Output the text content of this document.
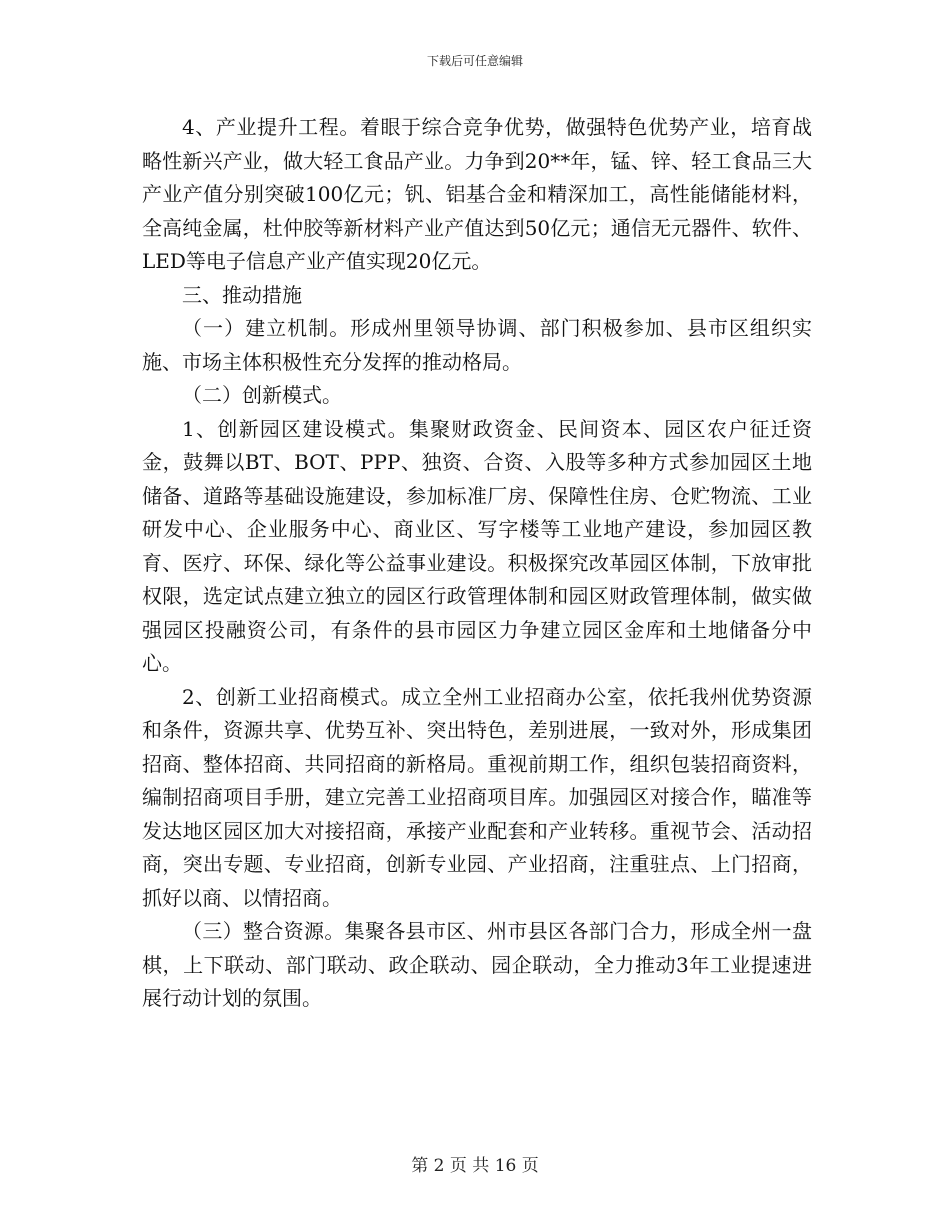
下载后可任意编辑

4、产业提升工程。着眼于综合竞争优势，做强特色优势产业，培育战略性新兴产业，做大轻工食品产业。力争到20**年，锰、锌、轻工食品三大产业产值分别突破100亿元；钒、铝基合金和精深加工，高性能储能材料，全高纯金属，杜仲胶等新材料产业产值达到50亿元；通信无元器件、软件、LED等电子信息产业产值实现20亿元。

三、推动措施

（一）建立机制。形成州里领导协调、部门积极参加、县市区组织实施、市场主体积极性充分发挥的推动格局。

（二）创新模式。

1、创新园区建设模式。集聚财政资金、民间资本、园区农户征迁资金，鼓舞以BT、BOT、PPP、独资、合资、入股等多种方式参加园区土地储备、道路等基础设施建设，参加标准厂房、保障性住房、仓贮物流、工业研发中心、企业服务中心、商业区、写字楼等工业地产建设，参加园区教育、医疗、环保、绿化等公益事业建设。积极探究改革园区体制，下放审批权限，选定试点建立独立的园区行政管理体制和园区财政管理体制，做实做强园区投融资公司，有条件的县市园区力争建立园区金库和土地储备分中心。

2、创新工业招商模式。成立全州工业招商办公室，依托我州优势资源和条件，资源共享、优势互补、突出特色，差别进展，一致对外，形成集团招商、整体招商、共同招商的新格局。重视前期工作，组织包装招商资料，编制招商项目手册，建立完善工业招商项目库。加强园区对接合作，瞄准等发达地区园区加大对接招商，承接产业配套和产业转移。重视节会、活动招商，突出专题、专业招商，创新专业园、产业招商，注重驻点、上门招商，抓好以商、以情招商。

（三）整合资源。集聚各县市区、州市县区各部门合力，形成全州一盘棋，上下联动、部门联动、政企联动、园企联动，全力推动3年工业提速进展行动计划的氛围。

第 2 页 共 16 页
